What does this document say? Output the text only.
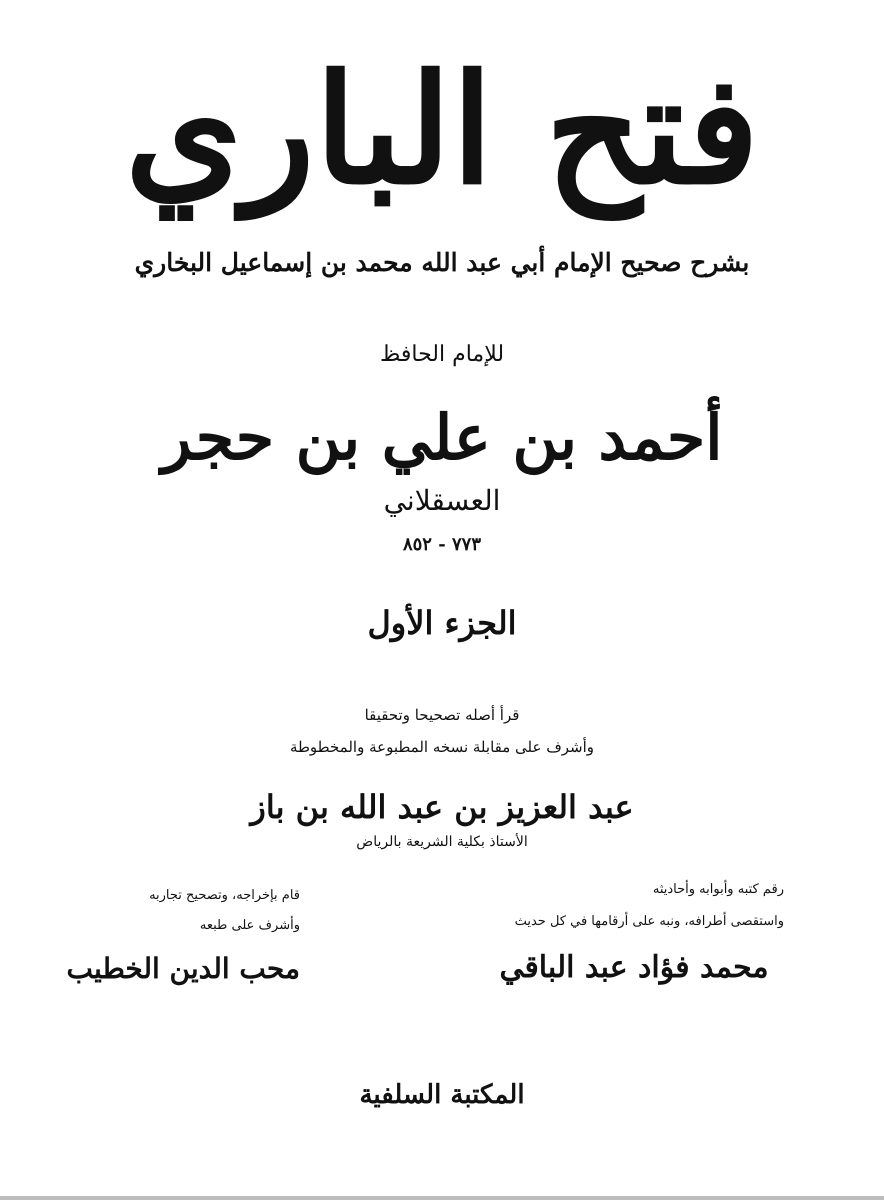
فتح الباري
بشرح صحيح الإمام أبي عبد الله محمد بن إسماعيل البخاري
للإمام الحافظ
أحمد بن علي بن حجر
العسقلاني
٧٧٣ - ٨٥٢
الجزء الأول
قرأ أصله تصحيحا وتحقيقا
وأشرف على مقابلة نسخه المطبوعة والمخطوطة
عبد العزيز بن عبد الله بن باز
الأستاذ بكلية الشريعة بالرياض
رقم كتبه وأبوابه وأحاديثه
واستقصى أطرافه، ونبه على أرقامها في كل حديث
محمد فؤاد عبد الباقي
قام بإخراجه، وتصحيح تجاربه
وأشرف على طبعه
محب الدين الخطيب
المكتبة السلفية
